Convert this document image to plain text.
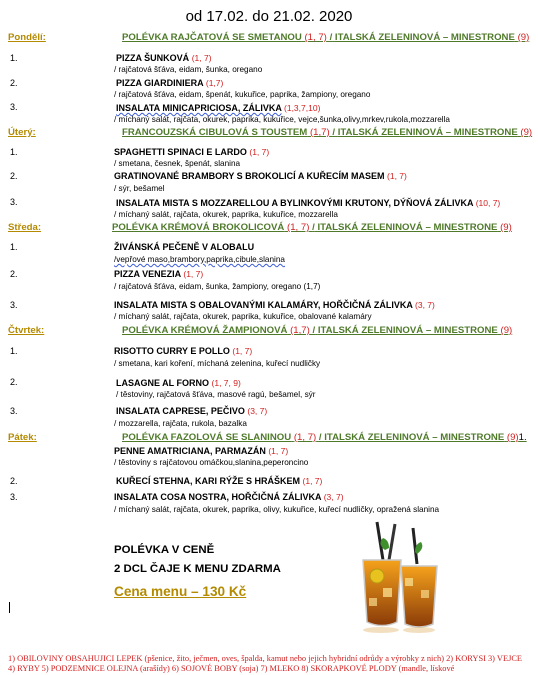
od 17.02. do 21.02. 2020
Pondělí:	POLÉVKA RAJČATOVÁ SE SMETANOU (1, 7) / ITALSKÁ ZELENINOVÁ – MINESTRONE (9)
1.	PIZZA ŠUNKOVÁ (1, 7)
/ rajčatová šťáva, eidam, šunka, oregano
2.	PIZZA GIARDINIERA (1,7)
/ rajčatová šťáva, eidam, špenát, kukuřice, paprika, žampiony, oregano
3.	INSALATA MINICAPRICIOSA, ZÁLIVKA (1,3,7,10)
/ míchaný salát, rajčata, okurek, paprika, kukuřice, vejce,šunka,olivy,mrkev,rukola,mozzarella
Úterý:	FRANCOUZSKÁ CIBULOVÁ S TOUSTEM (1,7) / ITALSKÁ ZELENINOVÁ – MINESTRONE (9)
1.	SPAGHETTI SPINACI E LARDO (1, 7)
/ smetana, česnek, špenát, slanina
2.	GRATINOVANÉ BRAMBORY S BROKOLICÍ A KUŘECÍM MASEM (1, 7)
/ sýr, bešamel
3.	INSALATA MISTA S MOZZARELLOU A BYLINKOVÝMI KRUTONY, DÝŇOVÁ ZÁLIVKA (10, 7)
/ míchaný salát, rajčata, okurek, paprika, kukuřice, mozzarella
Středa:	POLÉVKA KRÉMOVÁ BROKOLICOVÁ (1, 7) / ITALSKÁ ZELENINOVÁ – MINESTRONE (9)
1.	ŽIVÁNSKÁ PEČENĚ V ALOBALU
/vepřové maso,brambory,paprika,cibule,slanina
2.	PIZZA VENEZIA (1, 7)
/ rajčatová šťáva, eidam, šunka, žampiony, oregano (1,7)
3.	INSALATA MISTA S OBALOVANÝMI KALAMÁRY, HOŘČIČNÁ ZÁLIVKA (3, 7)
/ míchaný salát, rajčata, okurek, paprika, kukuřice, obalované kalamáry
Čtvrtek:	POLÉVKA KRÉMOVÁ ŽAMPIONOVÁ (1,7) / ITALSKÁ ZELENINOVÁ – MINESTRONE (9)
1.	RISOTTO CURRY E POLLO (1, 7)
/ smetana, kari koření, míchaná zelenina, kuřecí nudličky
2.	LASAGNE AL FORNO (1, 7, 9)
/ těstoviny, rajčatová šťáva, masové ragú, bešamel, sýr
3.	INSALATA CAPRESE, PEČIVO (3, 7)
/ mozzarella, rajčata, rukola, bazalka
Pátek:	POLÉVKA FAZOLOVÁ SE SLANINOU (1, 7) / ITALSKÁ ZELENINOVÁ – MINESTRONE (9)1.
PENNE AMATRICIANA, PARMAZÁN (1, 7)
/ těstoviny s rajčatovou omáčkou,slanina,peperoncino
2.	KUŘECÍ STEHNA, KARI RÝŽE S HRÁŠKEM (1, 7)
3.	INSALATA COSA NOSTRA, HOŘČIČNÁ ZÁLIVKA (3, 7)
/ míchaný salát, rajčata, okurek, paprika, olivy, kukuřice, kuřecí nudličky, opražená slanina
POLÉVKA V CENĚ
2 DCL ČAJE K MENU ZDARMA
Cena menu – 130 Kč
1) OBILOVINY OBSAHUJICI LEPEK (pšenice, žito, ječmen, oves, špalda, kamut nebo jejich hybridní odrůdy a výrobky z nich) 2) KORYSI 3) VEJCE 4) RYBY 5) PODZEMNICE OLEJNA (arašídy) 6) SOJOVÉ BOBY (soja) 7) MLEKO 8) SKORAPKOVÉ PLODY (mandle, lískové
